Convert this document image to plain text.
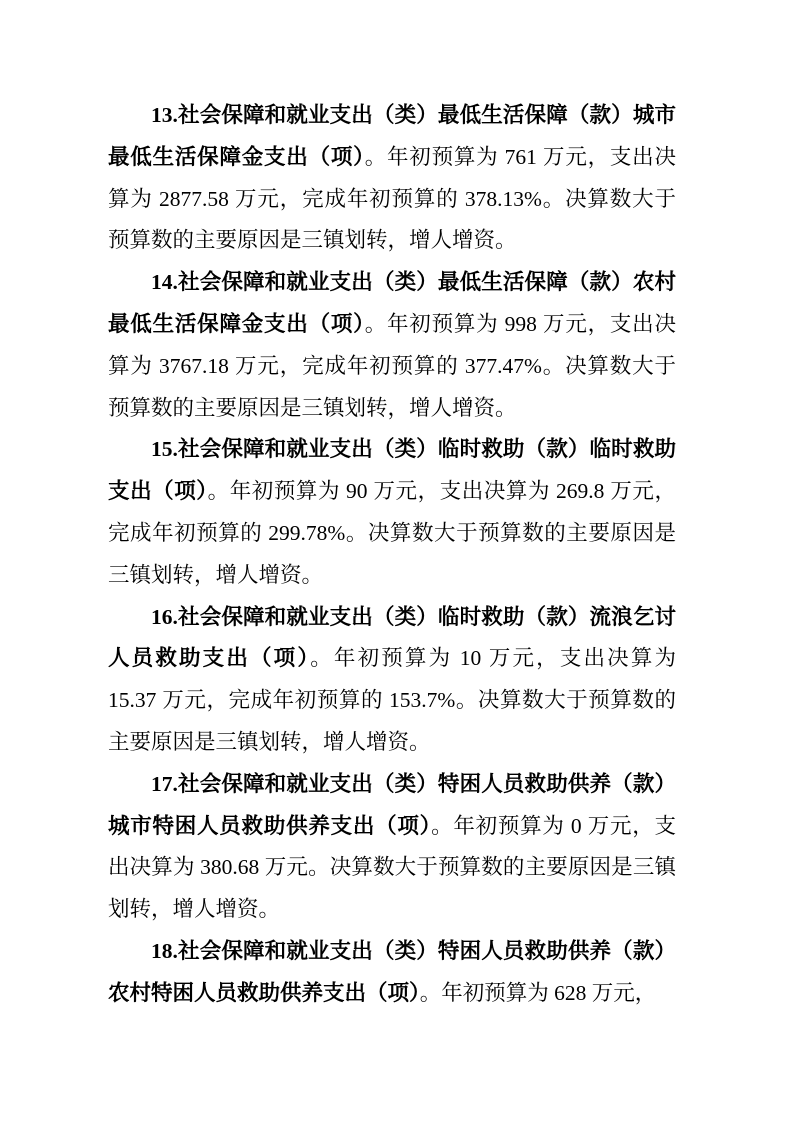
13.社会保障和就业支出（类）最低生活保障（款）城市最低生活保障金支出（项）。年初预算为 761 万元，支出决算为 2877.58 万元，完成年初预算的 378.13%。决算数大于预算数的主要原因是三镇划转，增人增资。

14.社会保障和就业支出（类）最低生活保障（款）农村最低生活保障金支出（项）。年初预算为 998 万元，支出决算为 3767.18 万元，完成年初预算的 377.47%。决算数大于预算数的主要原因是三镇划转，增人增资。

15.社会保障和就业支出（类）临时救助（款）临时救助支出（项）。年初预算为 90 万元，支出决算为 269.8 万元，完成年初预算的 299.78%。决算数大于预算数的主要原因是三镇划转，增人增资。

16.社会保障和就业支出（类）临时救助（款）流浪乞讨人员救助支出（项）。年初预算为 10 万元，支出决算为 15.37 万元，完成年初预算的 153.7%。决算数大于预算数的主要原因是三镇划转，增人增资。

17.社会保障和就业支出（类）特困人员救助供养（款）城市特困人员救助供养支出（项）。年初预算为 0 万元，支出决算为 380.68 万元。决算数大于预算数的主要原因是三镇划转，增人增资。

18.社会保障和就业支出（类）特困人员救助供养（款）农村特困人员救助供养支出（项）。年初预算为 628 万元，
